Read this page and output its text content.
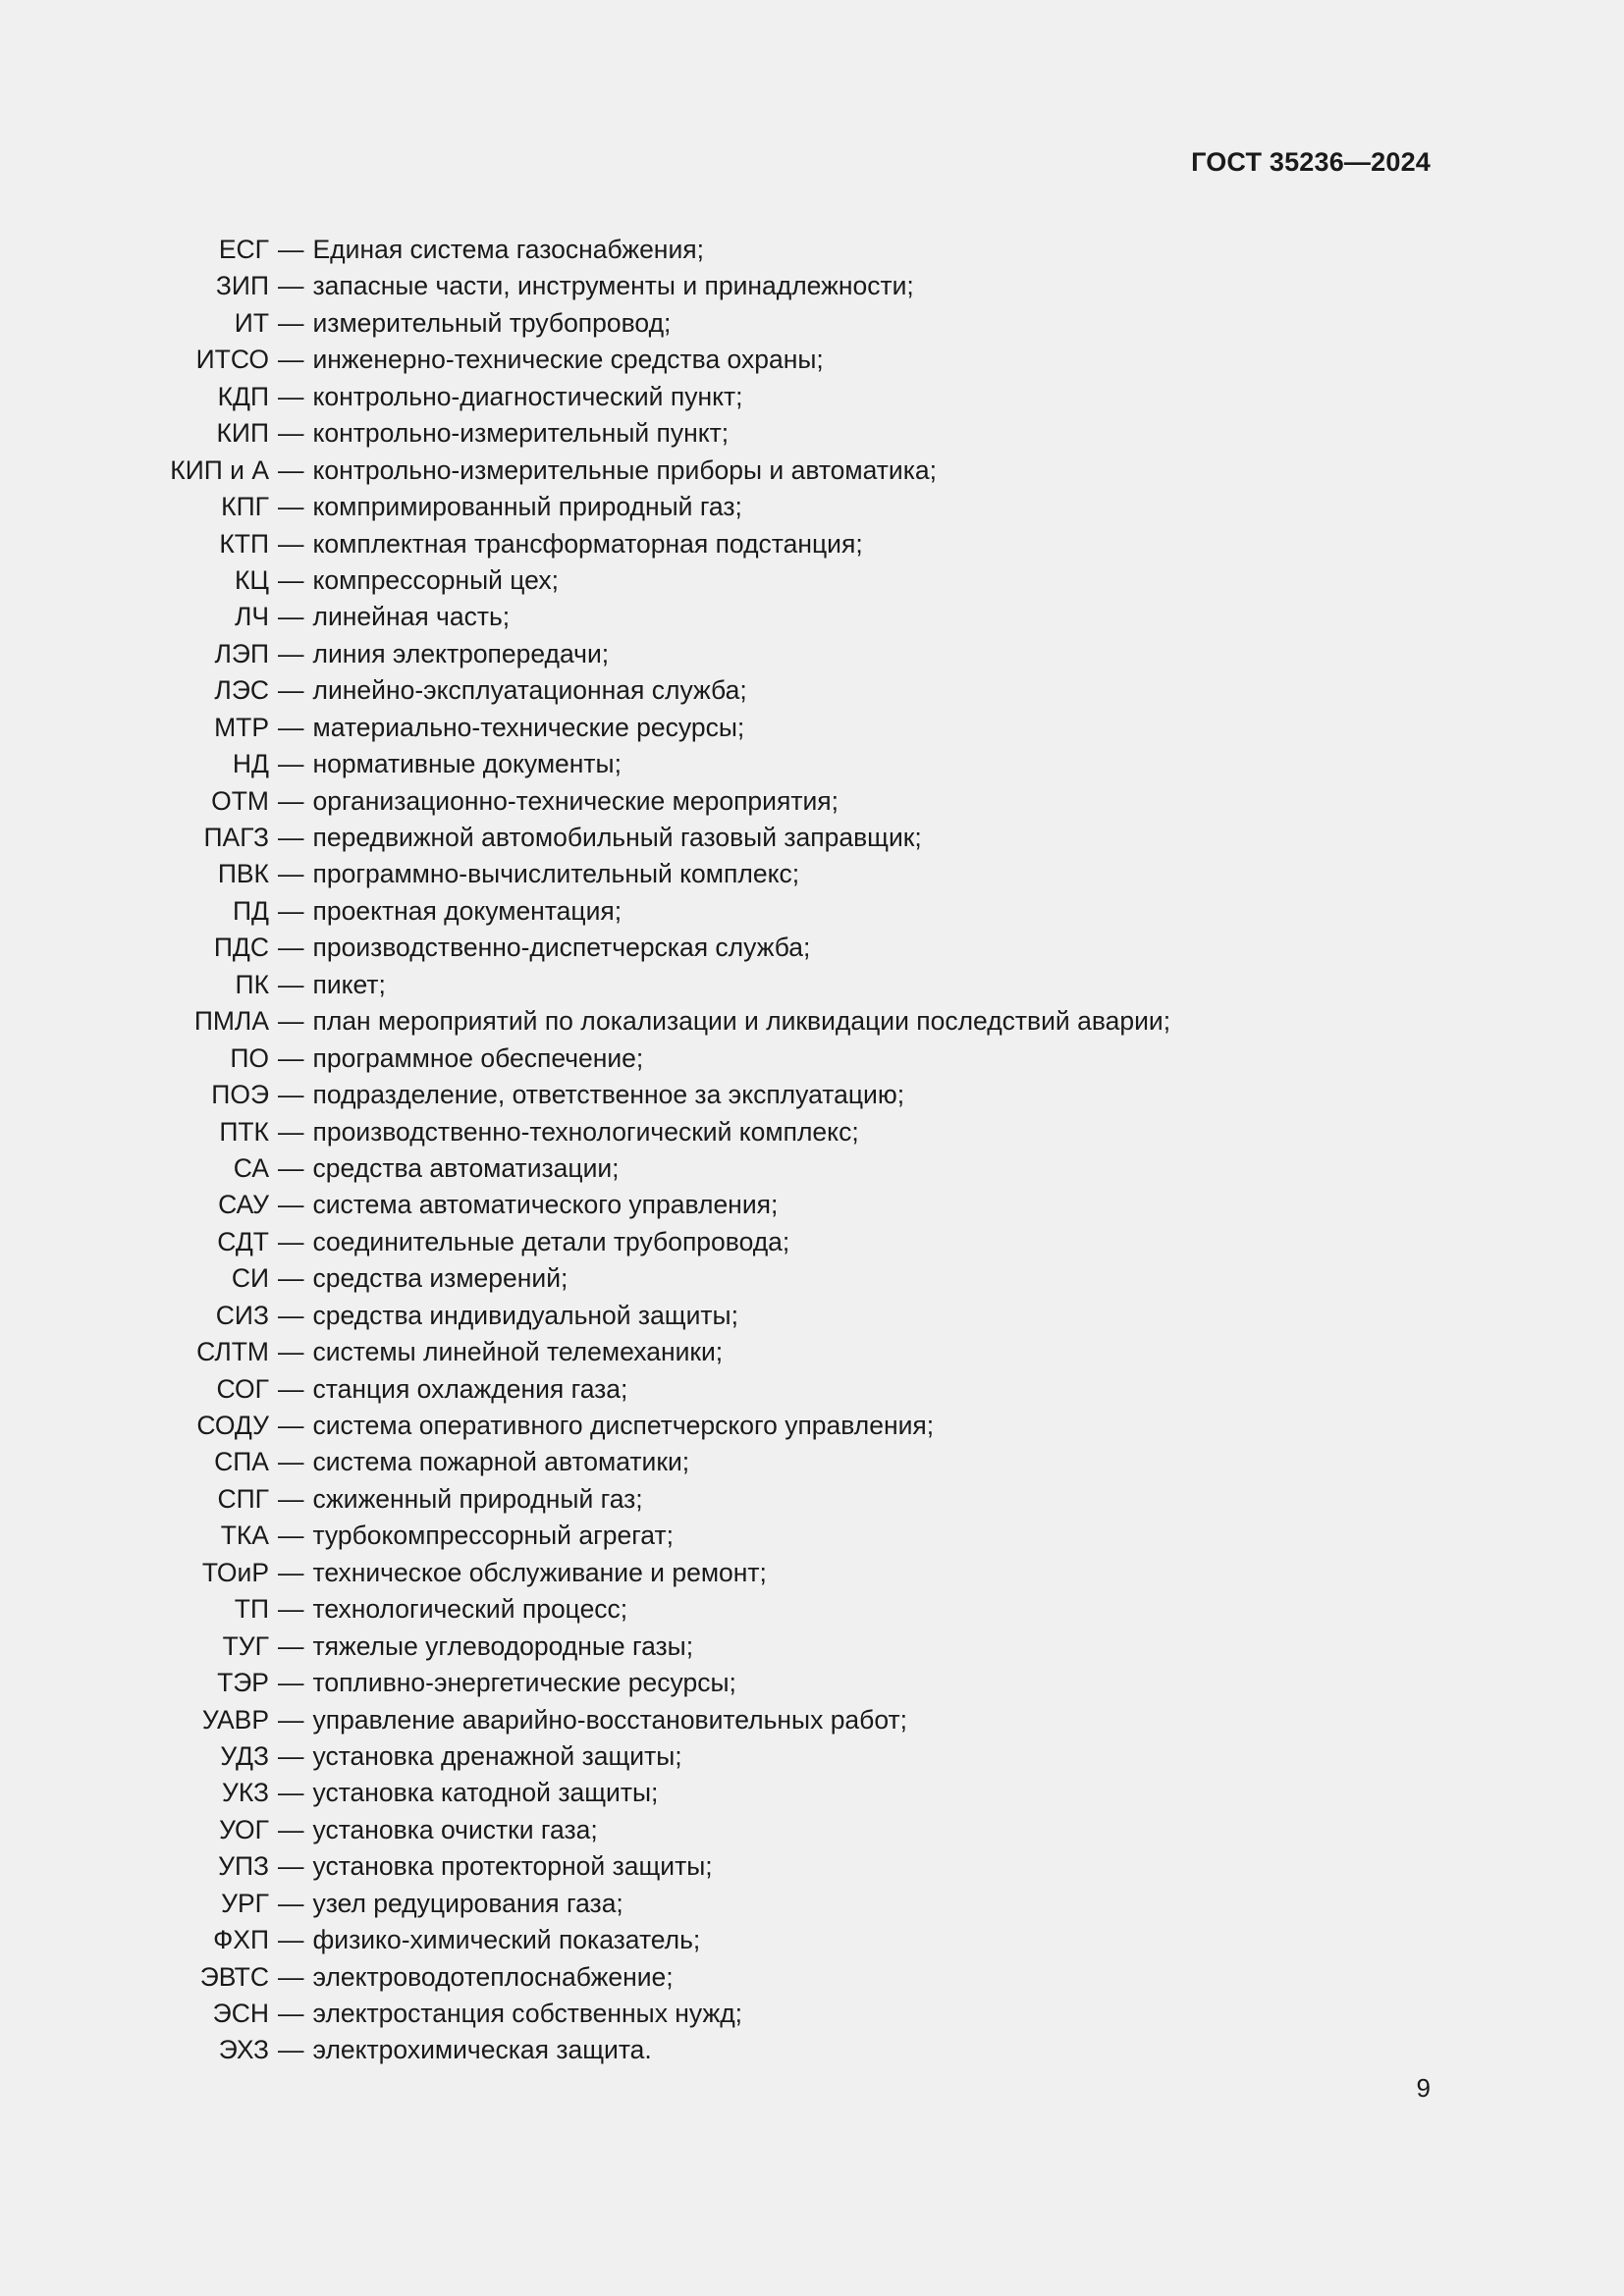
ГОСТ 35236—2024
ЕСГ — Единая система газоснабжения;
ЗИП — запасные части, инструменты и принадлежности;
ИТ — измерительный трубопровод;
ИТСО — инженерно-технические средства охраны;
КДП — контрольно-диагностический пункт;
КИП — контрольно-измерительный пункт;
КИП и А — контрольно-измерительные приборы и автоматика;
КПГ — компримированный природный газ;
КТП — комплектная трансформаторная подстанция;
КЦ — компрессорный цех;
ЛЧ — линейная часть;
ЛЭП — линия электропередачи;
ЛЭС — линейно-эксплуатационная служба;
МТР — материально-технические ресурсы;
НД — нормативные документы;
ОТМ — организационно-технические мероприятия;
ПАГЗ — передвижной автомобильный газовый заправщик;
ПВК — программно-вычислительный комплекс;
ПД — проектная документация;
ПДС — производственно-диспетчерская служба;
ПК — пикет;
ПМЛА — план мероприятий по локализации и ликвидации последствий аварии;
ПО — программное обеспечение;
ПОЭ — подразделение, ответственное за эксплуатацию;
ПТК — производственно-технологический комплекс;
СА — средства автоматизации;
САУ — система автоматического управления;
СДТ — соединительные детали трубопровода;
СИ — средства измерений;
СИЗ — средства индивидуальной защиты;
СЛТМ — системы линейной телемеханики;
СОГ — станция охлаждения газа;
СОДУ — система оперативного диспетчерского управления;
СПА — система пожарной автоматики;
СПГ — сжиженный природный газ;
ТКА — турбокомпрессорный агрегат;
ТОиР — техническое обслуживание и ремонт;
ТП — технологический процесс;
ТУГ — тяжелые углеводородные газы;
ТЭР — топливно-энергетические ресурсы;
УАВР — управление аварийно-восстановительных работ;
УДЗ — установка дренажной защиты;
УКЗ — установка катодной защиты;
УОГ — установка очистки газа;
УПЗ — установка протекторной защиты;
УРГ — узел редуцирования газа;
ФХП — физико-химический показатель;
ЭВТС — электроводотеплоснабжение;
ЭСН — электростанция собственных нужд;
ЭХЗ — электрохимическая защита.
9
